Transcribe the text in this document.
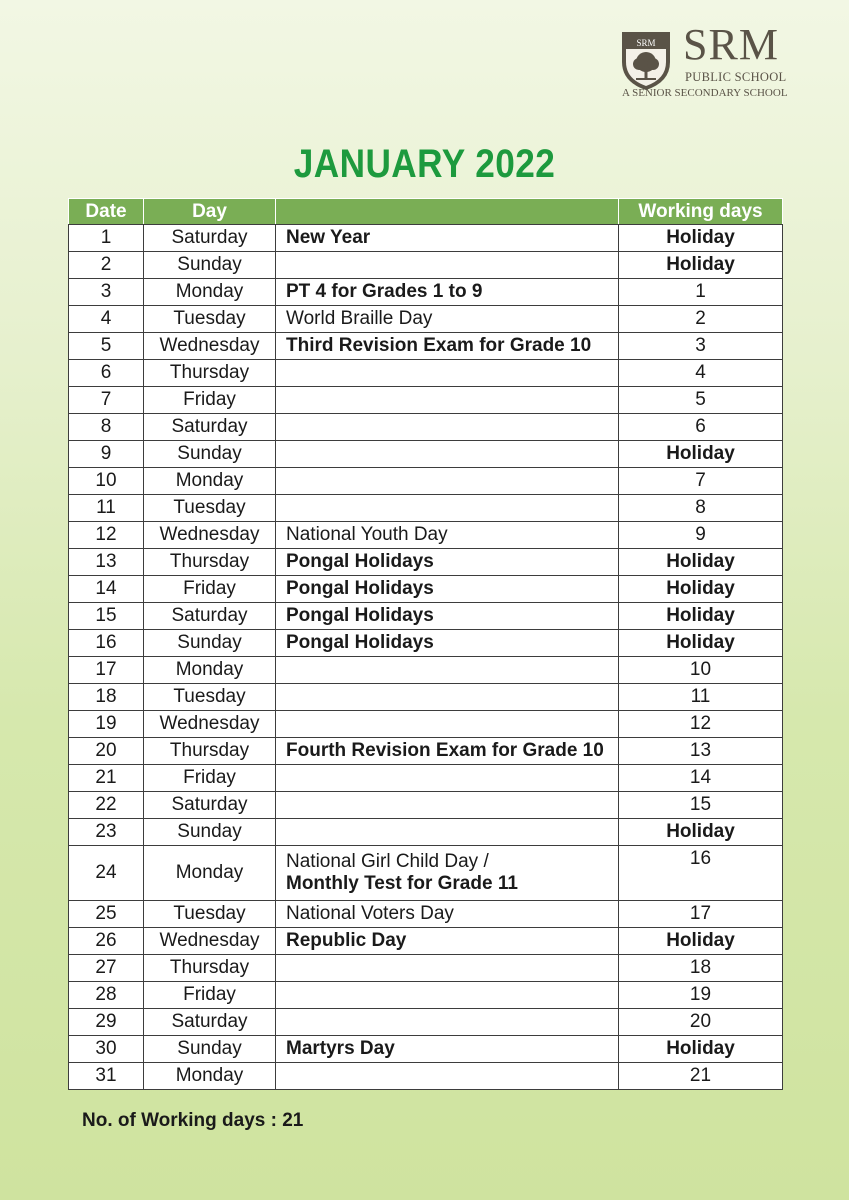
SRM SRM
PUBLIC SCHOOL
A SENIOR SECONDARY SCHOOL
JANUARY 2022
Date	Day		Working days
1	Saturday	New Year	Holiday
2	Sunday		Holiday
3	Monday	PT 4 for Grades 1 to 9	1
4	Tuesday	World Braille Day	2
5	Wednesday	Third Revision Exam for Grade 10	3
6	Thursday		4
7	Friday		5
8	Saturday		6
9	Sunday		Holiday
10	Monday		7
11	Tuesday		8
12	Wednesday	National Youth Day	9
13	Thursday	Pongal Holidays	Holiday
14	Friday	Pongal Holidays	Holiday
15	Saturday	Pongal Holidays	Holiday
16	Sunday	Pongal Holidays	Holiday
17	Monday		10
18	Tuesday		11
19	Wednesday		12
20	Thursday	Fourth Revision Exam for Grade 10	13
21	Friday		14
22	Saturday		15
23	Sunday		Holiday
24	Monday	National Girl Child Day /
Monthly Test for Grade 11	16
25	Tuesday	National Voters Day	17
26	Wednesday	Republic Day	Holiday
27	Thursday		18
28	Friday		19
29	Saturday		20
30	Sunday	Martyrs Day	Holiday
31	Monday		21
No. of Working days : 21
